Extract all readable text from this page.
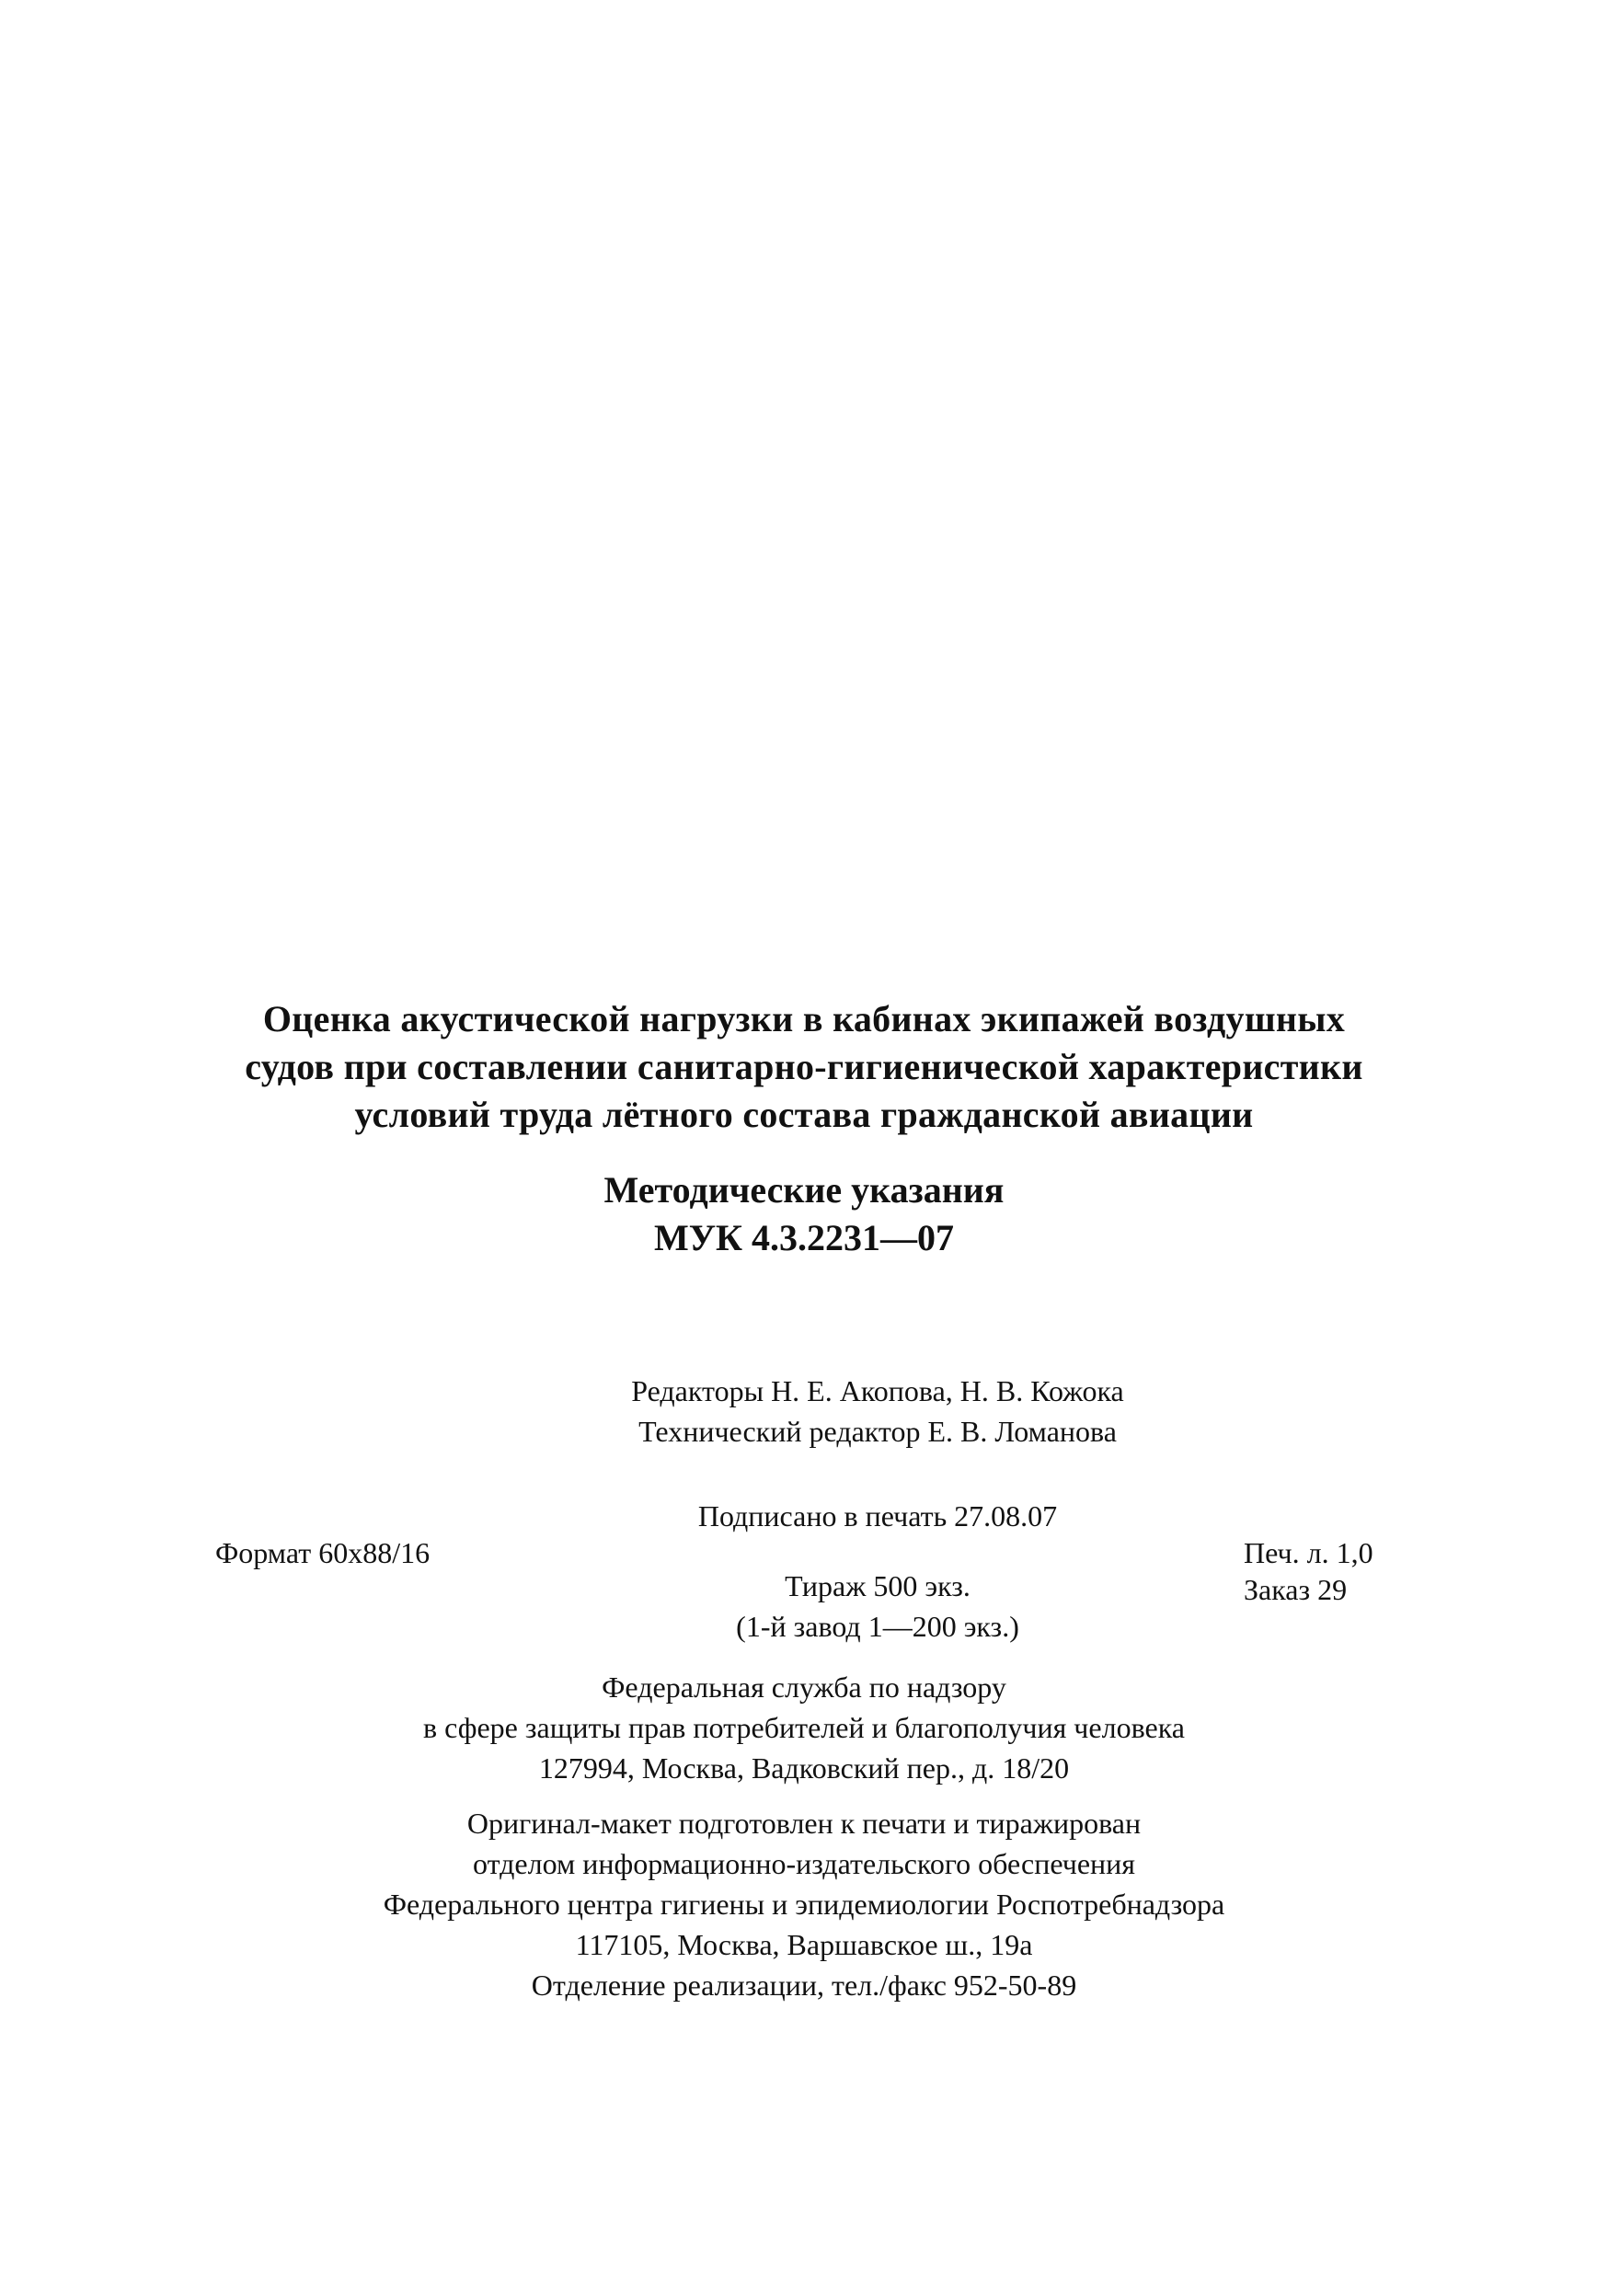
Оценка акустической нагрузки в кабинах экипажей воздушных
судов при составлении санитарно-гигиенической характеристики
условий труда лётного состава гражданской авиации
Методические указания
МУК 4.3.2231—07
Редакторы Н. Е. Акопова, Н. В. Кожока
Технический редактор Е. В. Ломанова
Подписано в печать 27.08.07
Формат 60x88/16	Печ. л. 1,0
Заказ 29
Тираж 500 экз.
(1-й завод 1—200 экз.)
Федеральная служба по надзору
в сфере защиты прав потребителей и благополучия человека
127994, Москва, Вадковский пер., д. 18/20
Оригинал-макет подготовлен к печати и тиражирован
отделом информационно-издательского обеспечения
Федерального центра гигиены и эпидемиологии Роспотребнадзора
117105, Москва, Варшавское ш., 19а
Отделение реализации, тел./факс 952-50-89
